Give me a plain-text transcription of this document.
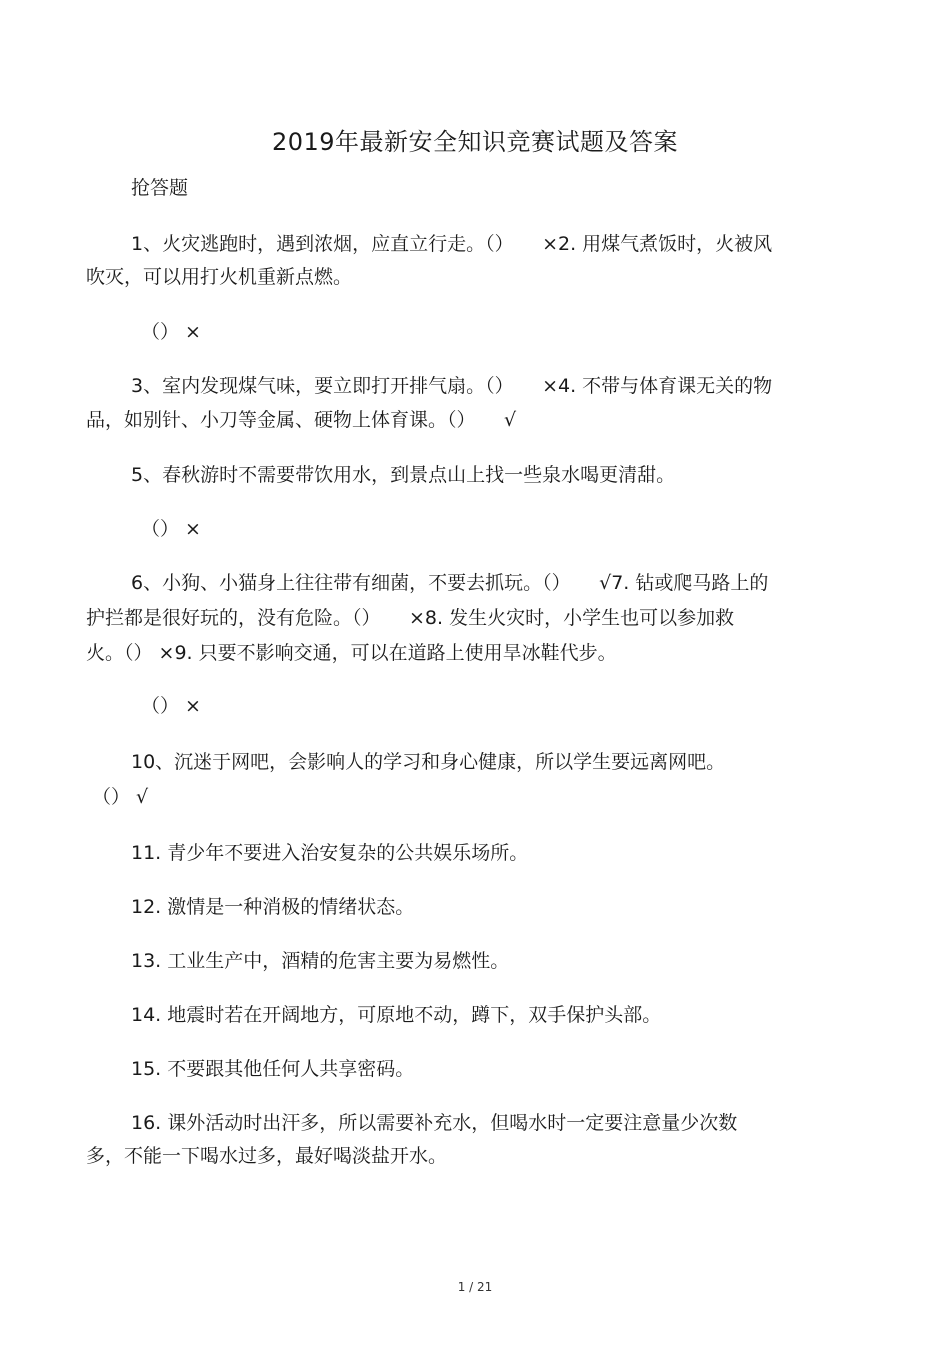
2019年最新安全知识竞赛试题及答案
抢答题
1、火灾逃跑时，遇到浓烟，应直立行走。（）　　×2. 用煤气煮饭时，火被风
吹灭，可以用打火机重新点燃。
（） ×
3、室内发现煤气味，要立即打开排气扇。（）　　×4. 不带与体育课无关的物
品，如别针、小刀等金属、硬物上体育课。（）　　√
5、春秋游时不需要带饮用水，到景点山上找一些泉水喝更清甜。
（） ×
6、小狗、小猫身上往往带有细菌，不要去抓玩。（）　　√7. 钻或爬马路上的
护拦都是很好玩的，没有危险。（）　　×8. 发生火灾时，小学生也可以参加救
火。（） ×9. 只要不影响交通，可以在道路上使用旱冰鞋代步。
（） ×
10、沉迷于网吧，会影响人的学习和身心健康，所以学生要远离网吧。
（） √
11. 青少年不要进入治安复杂的公共娱乐场所。
12. 激情是一种消极的情绪状态。
13. 工业生产中，酒精的危害主要为易燃性。
14. 地震时若在开阔地方，可原地不动，蹲下，双手保护头部。
15. 不要跟其他任何人共享密码。
16. 课外活动时出汗多，所以需要补充水，但喝水时一定要注意量少次数
多，不能一下喝水过多，最好喝淡盐开水。
1 / 21
